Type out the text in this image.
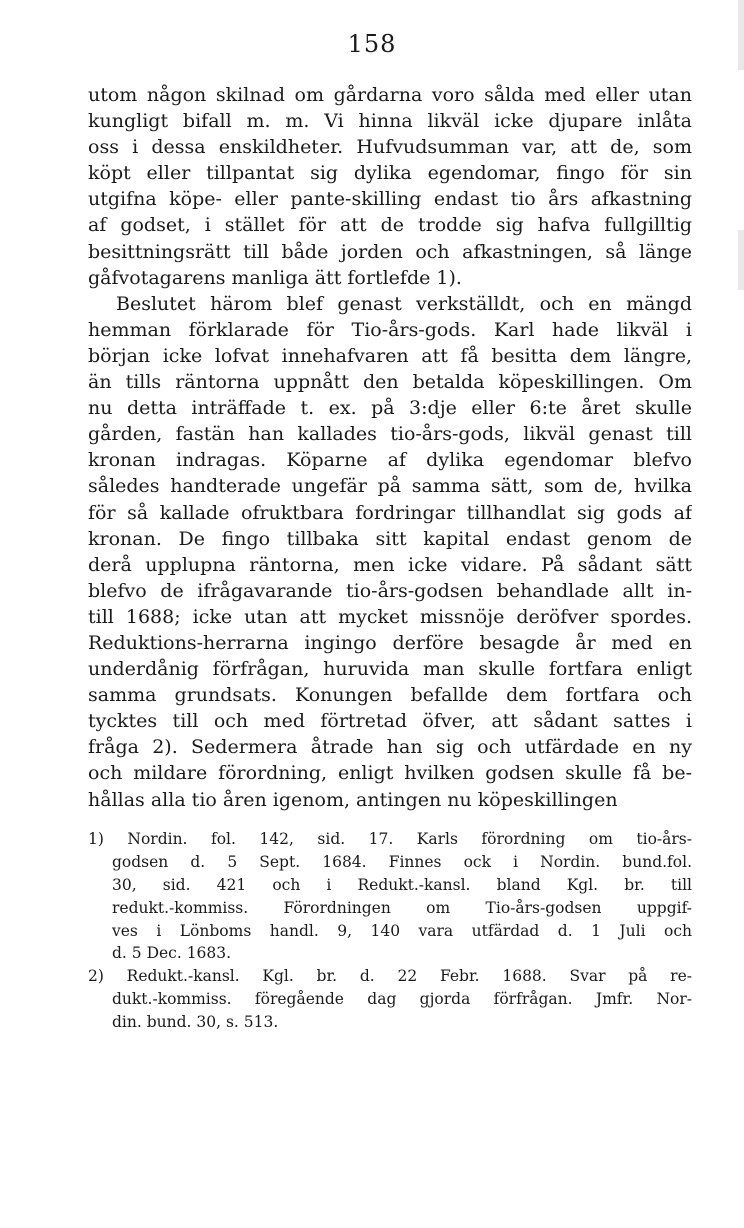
158
utom någon skilnad om gårdarna voro sålda med eller utan
kungligt bifall m. m. Vi hinna likväl icke djupare inlåta
oss i dessa enskildheter. Hufvudsumman var, att de, som
köpt eller tillpantat sig dylika egendomar, fingo för sin
utgifna köpe- eller pante-skilling endast tio års afkastning
af godset, i stället för att de trodde sig hafva fullgilltig
besittningsrätt till både jorden och afkastningen, så länge
gåfvotagarens manliga ätt fortlefde 1).
Beslutet härom blef genast verkställdt, och en mängd
hemman förklarade för Tio-års-gods. Karl hade likväl i
början icke lofvat innehafvaren att få besitta dem längre,
än tills räntorna uppnått den betalda köpeskillingen. Om
nu detta inträffade t. ex. på 3:dje eller 6:te året skulle
gården, fastän han kallades tio-års-gods, likväl genast till
kronan indragas. Köparne af dylika egendomar blefvo
således handterade ungefär på samma sätt, som de, hvilka
för så kallade ofruktbara fordringar tillhandlat sig gods af
kronan. De fingo tillbaka sitt kapital endast genom de
derå upplupna räntorna, men icke vidare. På sådant sätt
blefvo de ifrågavarande tio-års-godsen behandlade allt in-
till 1688; icke utan att mycket missnöje deröfver spordes.
Reduktions-herrarna ingingo derföre besagde år med en
underdånig förfrågan, huruvida man skulle fortfara enligt
samma grundsats. Konungen befallde dem fortfara och
tycktes till och med förtretad öfver, att sådant sattes i
fråga 2). Sedermera åtrade han sig och utfärdade en ny
och mildare förordning, enligt hvilken godsen skulle få be-
hållas alla tio åren igenom, antingen nu köpeskillingen
1) Nordin. fol. 142, sid. 17. Karls förordning om tio-års-
godsen d. 5 Sept. 1684. Finnes ock i Nordin. bund.fol.
30, sid. 421 och i Redukt.-kansl. bland Kgl. br. till
redukt.-kommiss. Förordningen om Tio-års-godsen uppgif-
ves i Lönboms handl. 9, 140 vara utfärdad d. 1 Juli och
d. 5 Dec. 1683.
2) Redukt.-kansl. Kgl. br. d. 22 Febr. 1688. Svar på re-
dukt.-kommiss. föregående dag gjorda förfrågan. Jmfr. Nor-
din. bund. 30, s. 513.
